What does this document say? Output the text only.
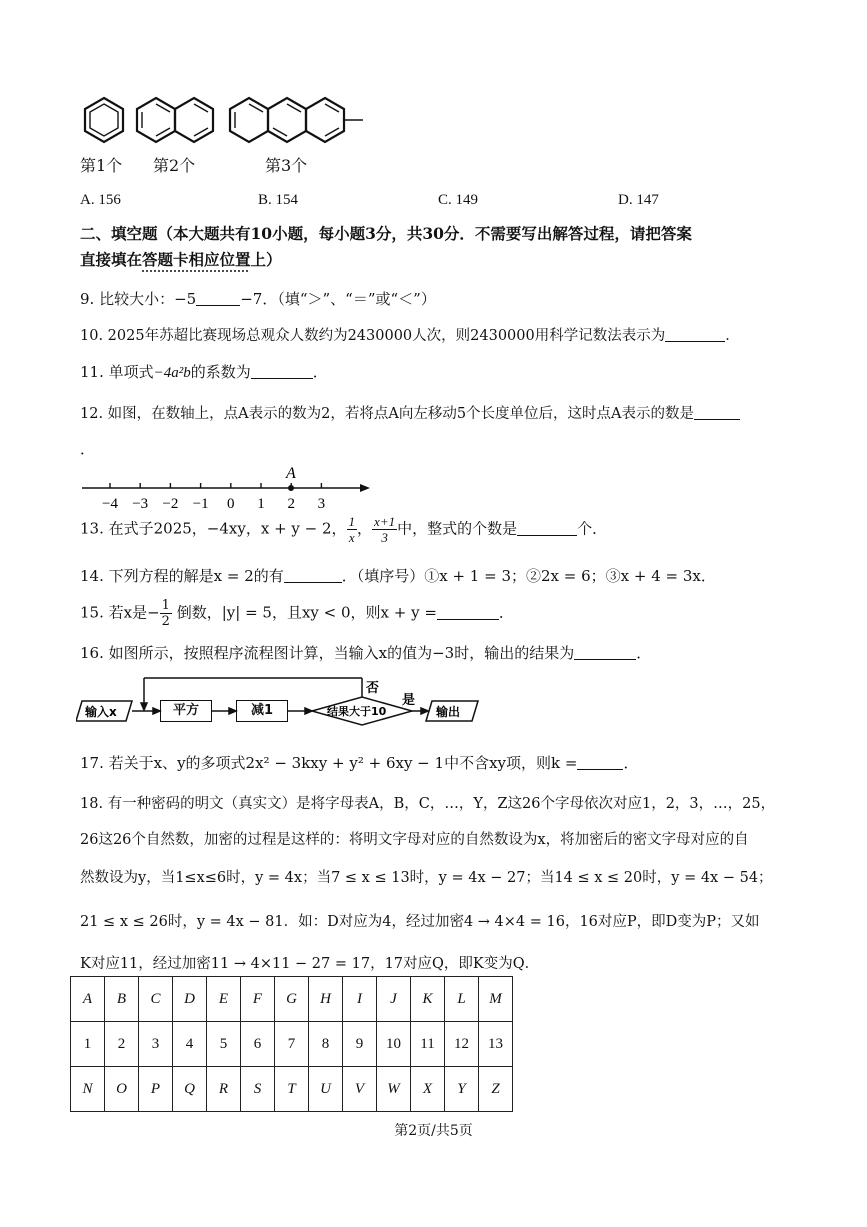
第1个 第2个	第3个
A. 156	B. 154	C. 149	D. 147
二、填空题（本大题共有10小题，每小题3分，共30分．不需要写出解答过程，请把答案
直接填在答题卡相应位置上）
9. 比较大小：−5	−7．（填“＞”、“＝”或“＜”）
10. 2025年苏超比赛现场总观众人数约为2430000人次，则2430000用科学记数法表示为	．
11. 单项式−4a²b的系数为	．
12. 如图，在数轴上，点A表示的数为2，若将点A向左移动5个长度单位后，这时点A表示的数是
．
A
−4 −3 −2 −1 0 1 2 3
13. 在式子2025，−4xy，x + y − 2， $\frac{1}{x}$ ， $\frac{x+1}{3}$ 中，整式的个数是	个．
14. 下列方程的解是x = 2的有	．（填序号）①x + 1 = 3；②2x = 6；③x + 4 = 3x．
15. 若x是− $\frac{1}{2}$ 倒数，|y| = 5，且xy < 0，则x + y =	．
16. 如图所示，按照程序流程图计算，当输入x的值为−3时，输出的结果为	．
否
是
输入x	结果大于10	输出
平方	减1
17. 若关于x、y的多项式2x² − 3kxy + y² + 6xy − 1中不含xy项，则k =	．
18. 有一种密码的明文（真实文）是将字母表A，B，C，…，Y，Z这26个字母依次对应1，2，3，…，25，
26这26个自然数，加密的过程是这样的：将明文字母对应的自然数设为x，将加密后的密文字母对应的自
然数设为y，当1≤x≤6时，y = 4x；当7 ≤ x ≤ 13时，y = 4x − 27；当14 ≤ x ≤ 20时，y = 4x − 54；
21 ≤ x ≤ 26时，y = 4x − 81．如：D对应为4，经过加密4 → 4×4 = 16，16对应P，即D变为P；又如
K对应11，经过加密11 → 4×11 − 27 = 17，17对应Q，即K变为Q．
A	B	C	D	E	F	G	H	I	J	K	L	M
1	2	3	4	5	6	7	8	9	10	11	12	13
N	O	P	Q	R	S	T	U	V	W	X	Y	Z
第2页/共5页
